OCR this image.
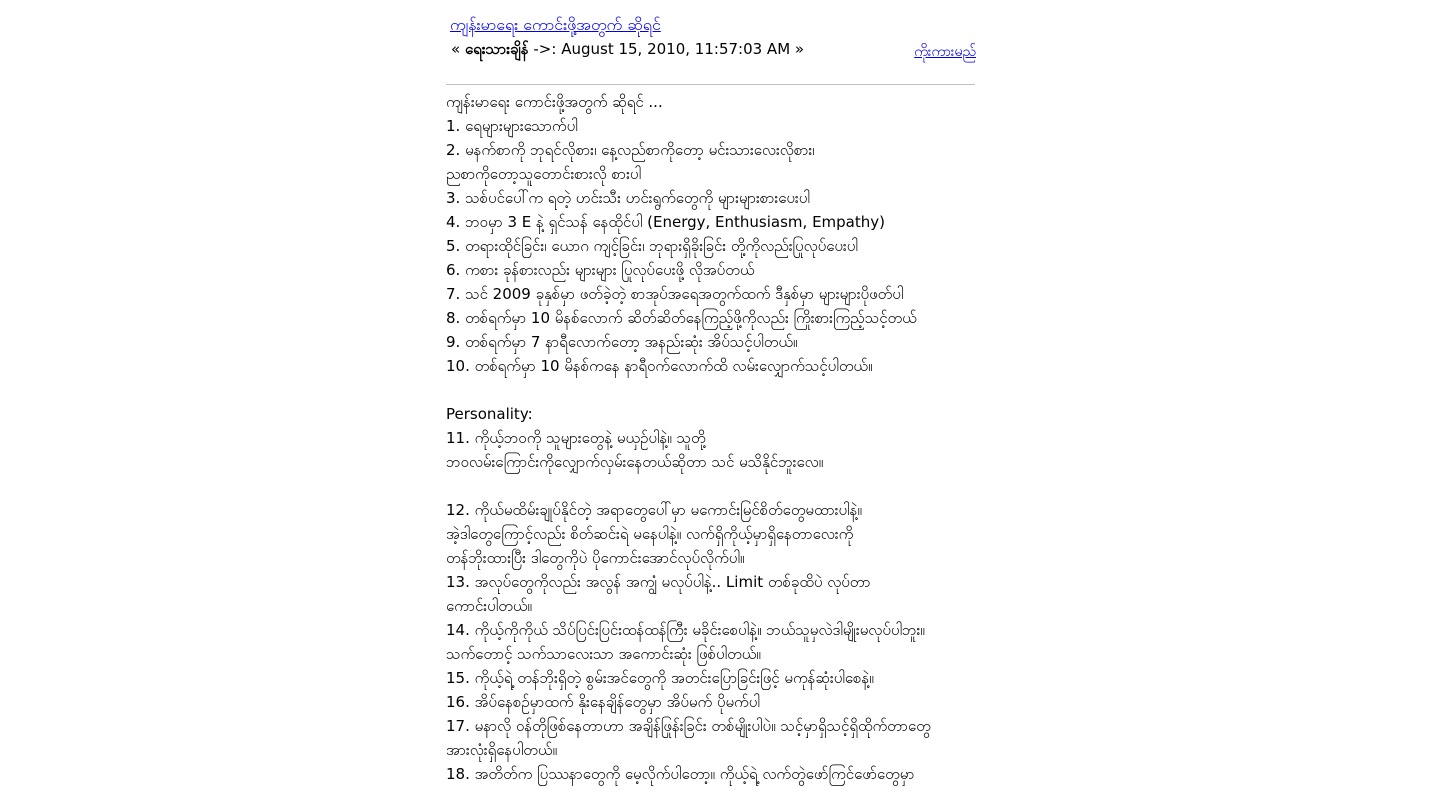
ကျန်းမာရေး ကောင်းဖို့အတွက် ဆိုရင်
« ရေးသားချိန် ->: August 15, 2010, 11:57:03 AM »	ကိုးကားမည်
ကျန်းမာရေး ကောင်းဖို့အတွက် ဆိုရင် ...
1. ရေများများသောက်ပါ
2. မနက်စာကို ဘုရင်လိုစား၊ နေ့လည်စာကိုတော့ မင်းသားလေးလိုစား၊
ညစာကိုတော့သူတောင်းစားလို စားပါ
3. သစ်ပင်ပေါ်က ရတဲ့ ဟင်းသီး ဟင်းရွက်တွေကို များများစားပေးပါ
4. ဘဝမှာ 3 E နဲ့ ရှင်သန် နေထိုင်ပါ (Energy, Enthusiasm, Empathy)
5. တရားထိုင်ခြင်း၊ ယောဂ ကျင့်ခြင်း၊ ဘုရားရှိခိုးခြင်း တို့ကိုလည်းပြုလုပ်ပေးပါ
6. ကစား ခုန်စားလည်း များများ ပြုလုပ်ပေးဖို့ လိုအပ်တယ်
7. သင် 2009 ခုနှစ်မှာ ဖတ်ခဲ့တဲ့ စာအုပ်အရေအတွက်ထက် ဒီနှစ်မှာ များများပိုဖတ်ပါ
8. တစ်ရက်မှာ 10 မိနစ်လောက် ဆိတ်ဆိတ်နေကြည့်ဖို့ကိုလည်း ကြိုးစားကြည့်သင့်တယ်
9. တစ်ရက်မှာ 7 နာရီလောက်တော့ အနည်းဆုံး အိပ်သင့်ပါတယ်။
10. တစ်ရက်မှာ 10 မိနစ်ကနေ နာရီဝက်လောက်ထိ လမ်းလျှောက်သင့်ပါတယ်။
Personality:
11. ကိုယ့်ဘဝကို သူများတွေနဲ့ မယှဉ်ပါနဲ့။ သူတို့
ဘဝလမ်းကြောင်းကိုလျှောက်လှမ်းနေတယ်ဆိုတာ သင် မသိနိုင်ဘူးလေ။
12. ကိုယ်မထိမ်းချုပ်နိုင်တဲ့ အရာတွေပေါ်မှာ မကောင်းမြင်စိတ်တွေမထားပါနဲ့။
အဲ့ဒါတွေကြောင့်လည်း စိတ်ဆင်းရဲ မနေပါနဲ့။ လက်ရှိကိုယ့်မှာရှိနေတာလေးကို
တန်ဘိုးထားပြီး ဒါတွေကိုပဲ ပိုကောင်းအောင်လုပ်လိုက်ပါ။
13. အလုပ်တွေကိုလည်း အလွန် အကျွံ မလုပ်ပါနဲ့.. Limit တစ်ခုထိပဲ လုပ်တာ
ကောင်းပါတယ်။
14. ကိုယ့်ကိုကိုယ် သိပ်ပြင်းပြင်းထန်ထန်ကြီး မခိုင်းစေပါနဲ့။ ဘယ်သူမှလဲဒါမျိုးမလုပ်ပါဘူး။
သက်တောင့် သက်သာလေးသာ အကောင်းဆုံး ဖြစ်ပါတယ်။
15. ကိုယ့်ရဲ့ တန်ဘိုးရှိတဲ့ စွမ်းအင်တွေကို အတင်းပြောခြင်းဖြင့် မကုန်ဆုံးပါစေနဲ့။
16. အိပ်နေစဉ်မှာထက် နိုးနေချိန်တွေမှာ အိပ်မက် ပိုမက်ပါ
17. မနာလို ဝန်တိုဖြစ်နေတာဟာ အချိန်ဖြုန်းခြင်း တစ်မျိုးပါပဲ။ သင့်မှာရှိသင့်ရှိထိုက်တာတွေ
အားလုံးရှိနေပါတယ်။
18. အတိတ်က ပြဿနာတွေကို မေ့လိုက်ပါတော့။ ကိုယ့်ရဲ့ လက်တွဲဖော်ကြင်ဖော်တွေမှာ
